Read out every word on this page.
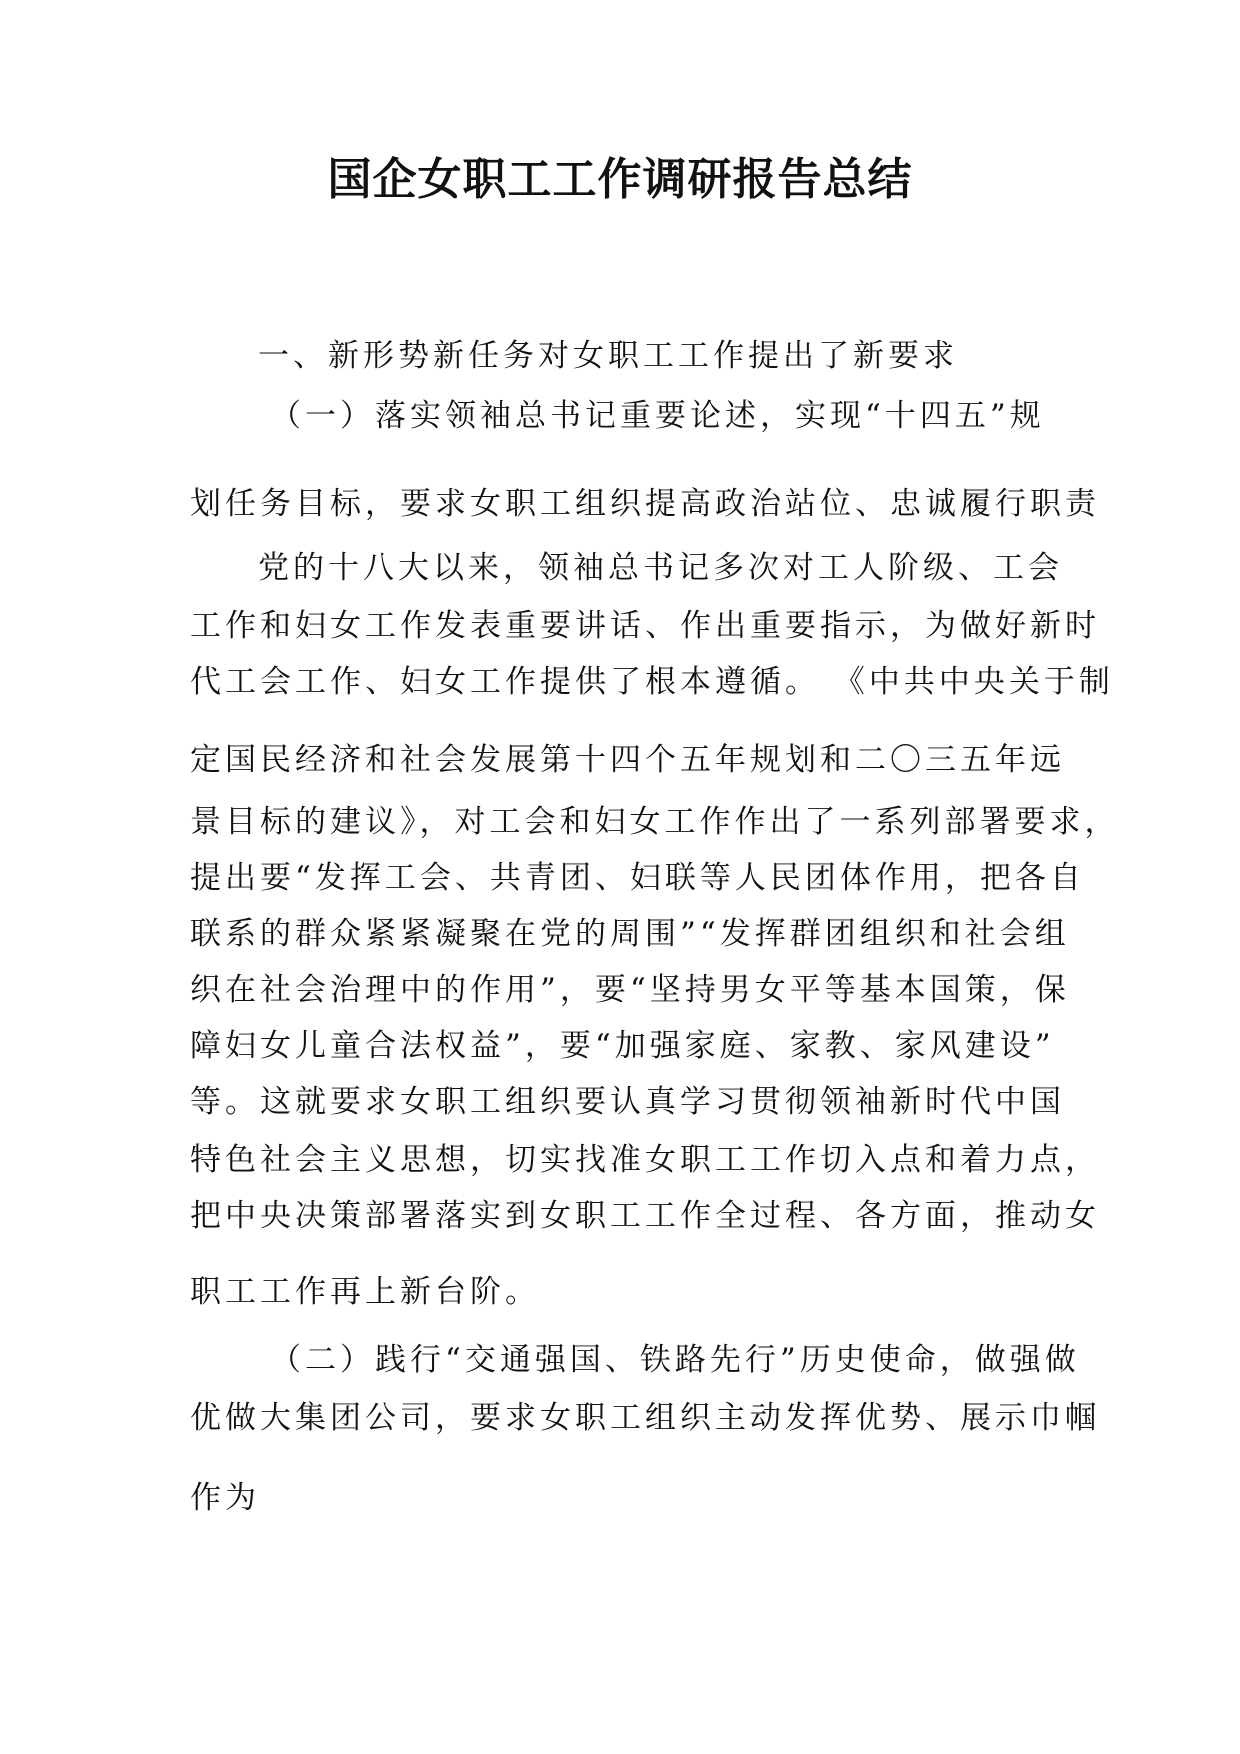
国企女职工工作调研报告总结

一、新形势新任务对女职工工作提出了新要求

（一）落实领袖总书记重要论述，实现“十四五”规

划任务目标，要求女职工组织提高政治站位、忠诚履行职责

党的十八大以来，领袖总书记多次对工人阶级、工会

工作和妇女工作发表重要讲话、作出重要指示，为做好新时

代工会工作、妇女工作提供了根本遵循。 《中共中央关于制

定国民经济和社会发展第十四个五年规划和二〇三五年远

景目标的建议》，对工会和妇女工作作出了一系列部署要求，

提出要“发挥工会、共青团、妇联等人民团体作用，把各自

联系的群众紧紧凝聚在党的周围”“发挥群团组织和社会组

织在社会治理中的作用”，要“坚持男女平等基本国策，保

障妇女儿童合法权益”，要“加强家庭、家教、家风建设”

等。这就要求女职工组织要认真学习贯彻领袖新时代中国

特色社会主义思想，切实找准女职工工作切入点和着力点，

把中央决策部署落实到女职工工作全过程、各方面，推动女

职工工作再上新台阶。

（二）践行“交通强国、铁路先行”历史使命，做强做

优做大集团公司，要求女职工组织主动发挥优势、展示巾帼

作为
